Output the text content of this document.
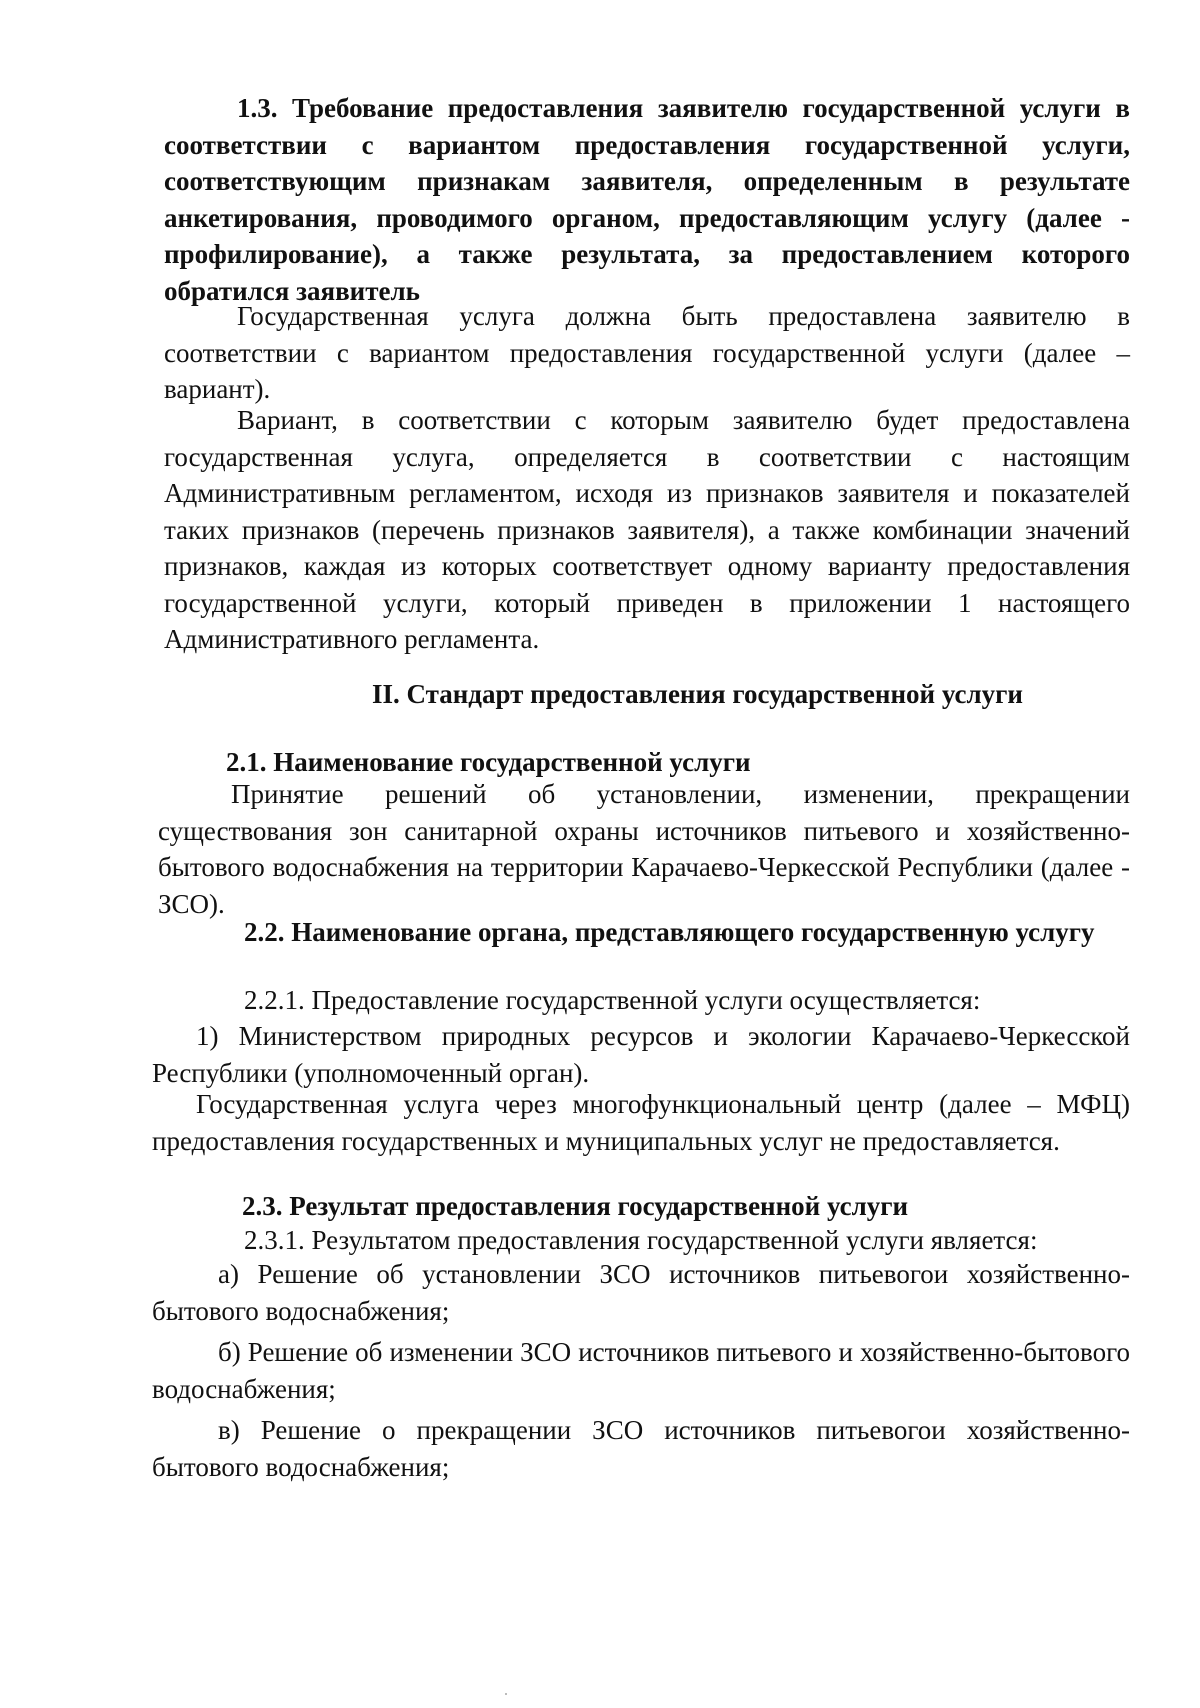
1.3. Требование предоставления заявителю государственной услуги в соответствии с вариантом предоставления государственной услуги, соответствующим признакам заявителя, определенным в результате анкетирования, проводимого органом, предоставляющим услугу (далее - профилирование), а также результата, за предоставлением которого обратился заявитель

Государственная услуга должна быть предоставлена заявителю в соответствии с вариантом предоставления государственной услуги (далее – вариант).

Вариант, в соответствии с которым заявителю будет предоставлена государственная услуга, определяется в соответствии с настоящим Административным регламентом, исходя из признаков заявителя и показателей таких признаков (перечень признаков заявителя), а также комбинации значений признаков, каждая из которых соответствует одному варианту предоставления государственной услуги, который приведен в приложении 1 настоящего Административного регламента.

II. Стандарт предоставления государственной услуги

2.1. Наименование государственной услуги

Принятие решений об установлении, изменении, прекращении существования зон санитарной охраны источников питьевого и хозяйственно-бытового водоснабжения на территории Карачаево-Черкесской Республики (далее - ЗСО).

2.2. Наименование органа, представляющего государственную услугу

2.2.1. Предоставление государственной услуги осуществляется:

1) Министерством природных ресурсов и экологии Карачаево-Черкесской Республики (уполномоченный орган).

Государственная услуга через многофункциональный центр (далее – МФЦ) предоставления государственных и муниципальных услуг не предоставляется.

2.3. Результат предоставления государственной услуги

2.3.1. Результатом предоставления государственной услуги является:

а) Решение об установлении ЗСО источников питьевогои хозяйственно-бытового водоснабжения;

б) Решение об изменении ЗСО источников питьевого и хозяйственно-бытового водоснабжения;

в) Решение о прекращении ЗСО источников питьевогои хозяйственно-бытового водоснабжения;
